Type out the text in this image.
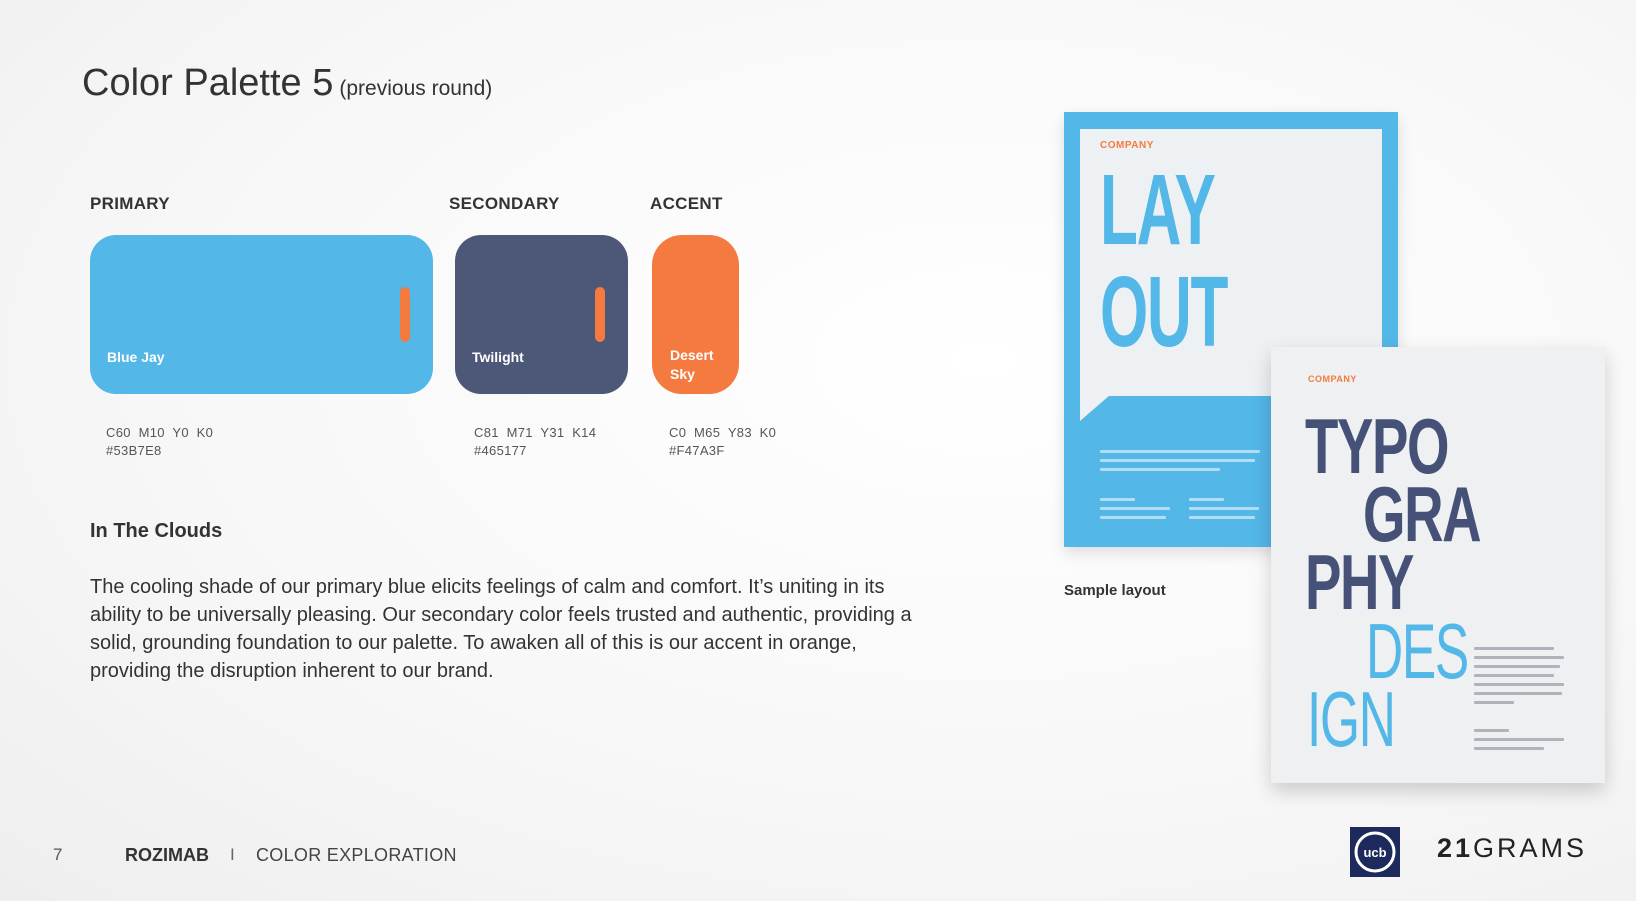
Color Palette 5 (previous round)
PRIMARY	SECONDARY	ACCENT
Blue Jay
C60  M10  Y0  K0
#53B7E8
Twilight
C81  M71  Y31  K14
#465177
Desert
Sky
C0  M65  Y83  K0
#F47A3F
In The Clouds
The cooling shade of our primary blue elicits feelings of calm and comfort. It’s uniting in its ability to be universally pleasing. Our secondary color feels trusted and authentic, providing a solid, grounding foundation to our palette. To awaken all of this is our accent in orange, providing the disruption inherent to our brand.
COMPANY
LAY
OUT
COMPANY
TYPO
GRA
PHY
DES
IGN
Sample layout
7	ROZIMAB I COLOR EXPLORATION	ucb 21GRAMS
